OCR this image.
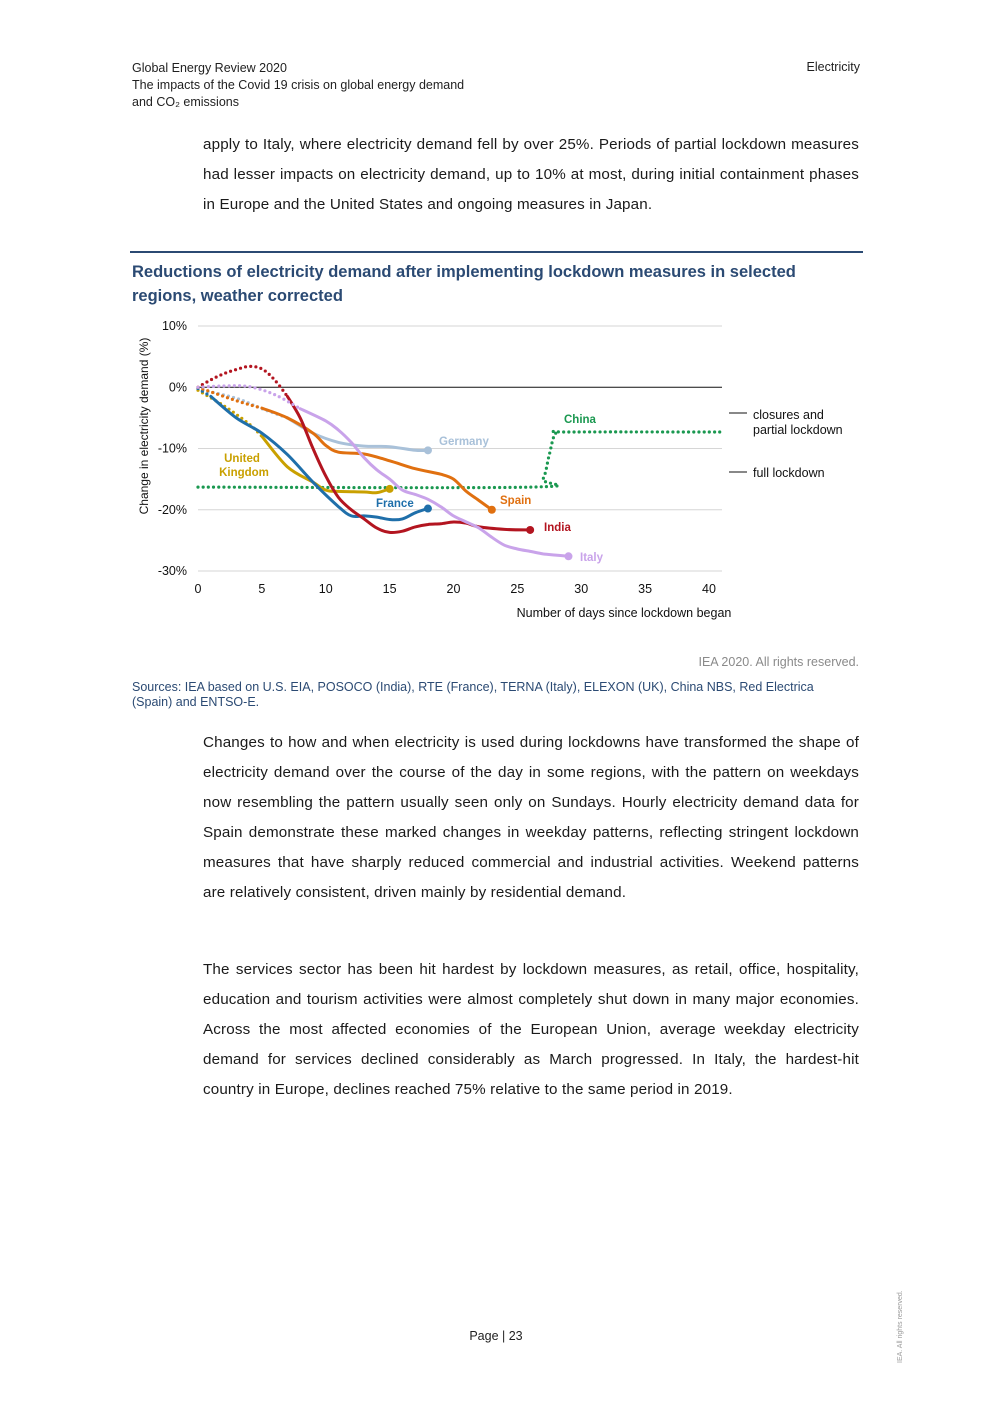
Global Energy Review 2020
The impacts of the Covid 19 crisis on global energy demand
and CO₂ emissions
Electricity

apply to Italy, where electricity demand fell by over 25%. Periods of partial lockdown measures had lesser impacts on electricity demand, up to 10% at most, during initial containment phases in Europe and the United States and ongoing measures in Japan.

Reductions of electricity demand after implementing lockdown measures in selected regions, weather corrected
-30%
-20%
-10%
0%
10%
0	5	10	15	20	25	30	35	40
China
Germany
United
Kingdom
France	Spain
India
Italy
Change in electricity demand (%)
Number of days since lockdown began
closures and
partial lockdown
full lockdown
IEA 2020. All rights reserved.
Sources: IEA based on U.S. EIA, POSOCO (India), RTE (France), TERNA (Italy), ELEXON (UK), China NBS, Red Electrica (Spain) and ENTSO-E.

Changes to how and when electricity is used during lockdowns have transformed the shape of electricity demand over the course of the day in some regions, with the pattern on weekdays now resembling the pattern usually seen only on Sundays. Hourly electricity demand data for Spain demonstrate these marked changes in weekday patterns, reflecting stringent lockdown measures that have sharply reduced commercial and industrial activities. Weekend patterns are relatively consistent, driven mainly by residential demand.

The services sector has been hit hardest by lockdown measures, as retail, office, hospitality, education and tourism activities were almost completely shut down in many major economies. Across the most affected economies of the European Union, average weekday electricity demand for services declined considerably as March progressed. In Italy, the hardest-hit country in Europe, declines reached 75% relative to the same period in 2019.

Page | 23	IEA. All rights reserved.
